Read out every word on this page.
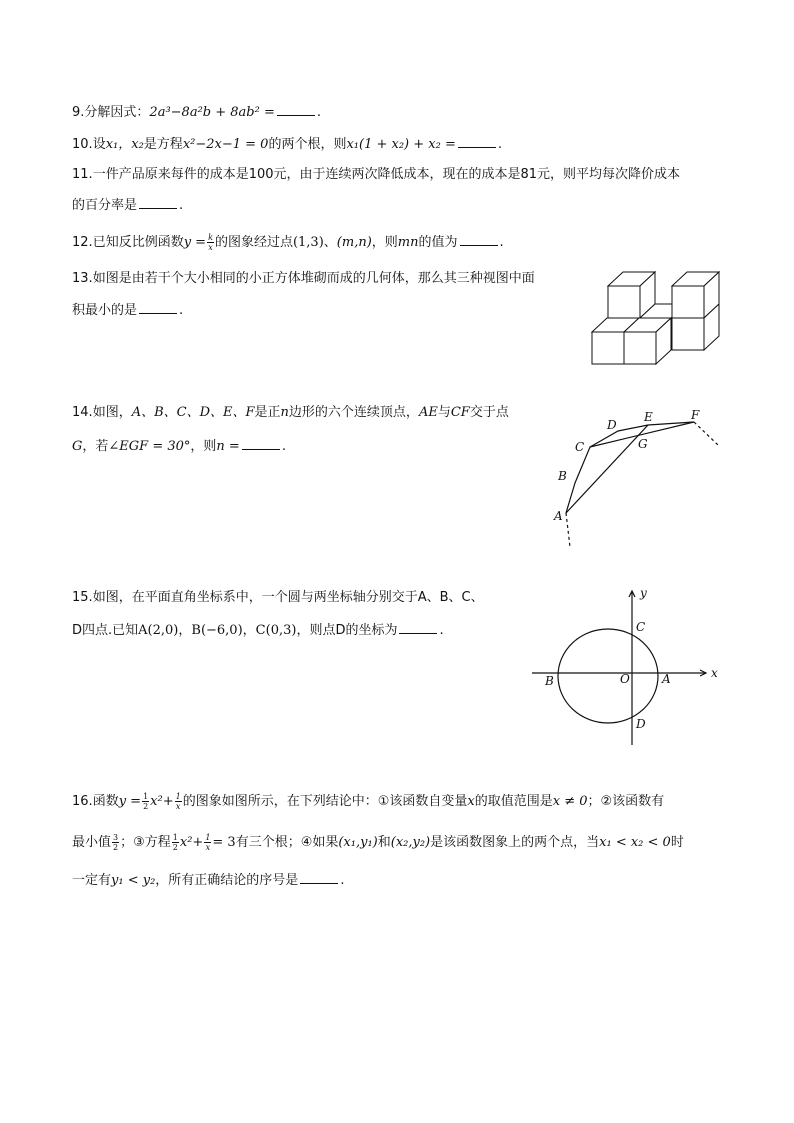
9.分解因式：2a³−8a²b + 8ab² =	.
10.设x₁，x₂是方程x²−2x−1 = 0的两个根，则x₁(1 + x₂) + x₂ =	.
11.一件产品原来每件的成本是100元，由于连续两次降低成本，现在的成本是81元，则平均每次降价成本
的百分率是	.
12.已知反比例函数$y = \frac{k}{x}$ 的图象经过点(1,3)、(m,n)，则mn的值为	.
13.如图是由若干个大小相同的小正方体堆砌而成的几何体，那么其三种视图中面
积最小的是	.
14.如图，A、B、C、D、E、F是正n边形的六个连续顶点，AE与CF交于点
G，若∠EGF = 30°，则n =	.
A
B
C
D
E
G
F
15.如图，在平面直角坐标系中，一个圆与两坐标轴分别交于A、B、C、
D四点.已知A(2,0)，B(−6,0)，C(0,3)，则点D的坐标为	.
x
y
O	A
B
C
D
16.函数$y = \frac{1}{2} x^2+ \frac{1}{x}$ 的图象如图所示，在下列结论中：①该函数自变量x的取值范围是x ≠ 0；②该函数有
最小值 $\frac{3}{2}$ ；③方程 $\frac{1}{2} x^2+ \frac{1}{x} = 3$有三个根；④如果(x₁,y₁)和(x₂,y₂)是该函数图象上的两个点，当x₁ < x₂ < 0时
一定有y₁ < y₂，所有正确结论的序号是	.
